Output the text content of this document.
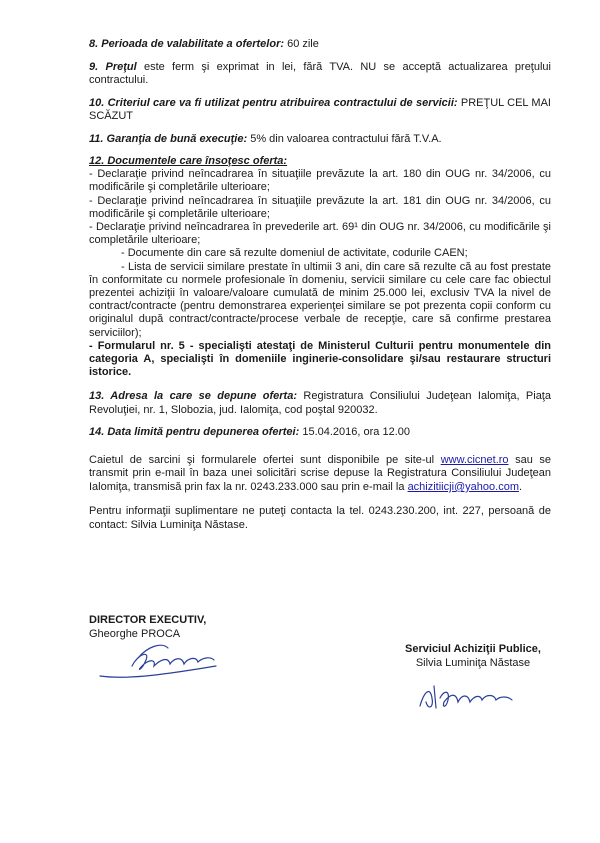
8. Perioada de valabilitate a ofertelor: 60 zile
9. Preţul este ferm şi exprimat in lei, fără TVA. NU se acceptă actualizarea preţului contractului.
10. Criteriul care va fi utilizat pentru atribuirea contractului de servicii: PREŢUL CEL MAI SCĂZUT
11. Garanţia de bună execuţie: 5% din valoarea contractului fără T.V.A.
12. Documentele care însoţesc oferta:
- Declaraţie privind neîncadrarea în situaţiile prevăzute la art. 180 din OUG nr. 34/2006, cu modificările şi completările ulterioare;
- Declaraţie privind neîncadrarea în situaţiile prevăzute la art. 181 din OUG nr. 34/2006, cu modificările şi completările ulterioare;
- Declaraţie privind neîncadrarea în prevederile art. 69¹ din OUG nr. 34/2006, cu modificările şi completările ulterioare;
- Documente din care să rezulte domeniul de activitate, codurile CAEN;
- Lista de servicii similare prestate în ultimii 3 ani, din care să rezulte că au fost prestate în conformitate cu normele profesionale în domeniu, servicii similare cu cele care fac obiectul prezentei achiziţii în valoare/valoare cumulată de minim 25.000 lei, exclusiv TVA la nivel de contract/contracte (pentru demonstrarea experienţei similare se pot prezenta copii conform cu originalul după contract/contracte/procese verbale de recepţie, care să confirme prestarea serviciilor);
- Formularul nr. 5 - specialişti atestaţi de Ministerul Culturii pentru monumentele din categoria A, specialişti în domeniile inginerie-consolidare şi/sau restaurare structuri istorice.
13. Adresa la care se depune oferta: Registratura Consiliului Judeţean Ialomiţa, Piaţa Revoluţiei, nr. 1, Slobozia, jud. Ialomiţa, cod poştal 920032.
14. Data limită pentru depunerea ofertei: 15.04.2016, ora 12.00
Caietul de sarcini şi formularele ofertei sunt disponibile pe site-ul www.cicnet.ro sau se transmit prin e-mail în baza unei solicitări scrise depuse la Registratura Consiliului Judeţean Ialomiţa, transmisă prin fax la nr. 0243.233.000 sau prin e-mail la achizitiicji@yahoo.com.
Pentru informaţii suplimentare ne puteţi contacta la tel. 0243.230.200, int. 227, persoană de contact: Silvia Luminiţa Năstase.
DIRECTOR EXECUTIV,
Gheorghe PROCA
Serviciul Achiziţii Publice,
Silvia Luminiţa Năstase
